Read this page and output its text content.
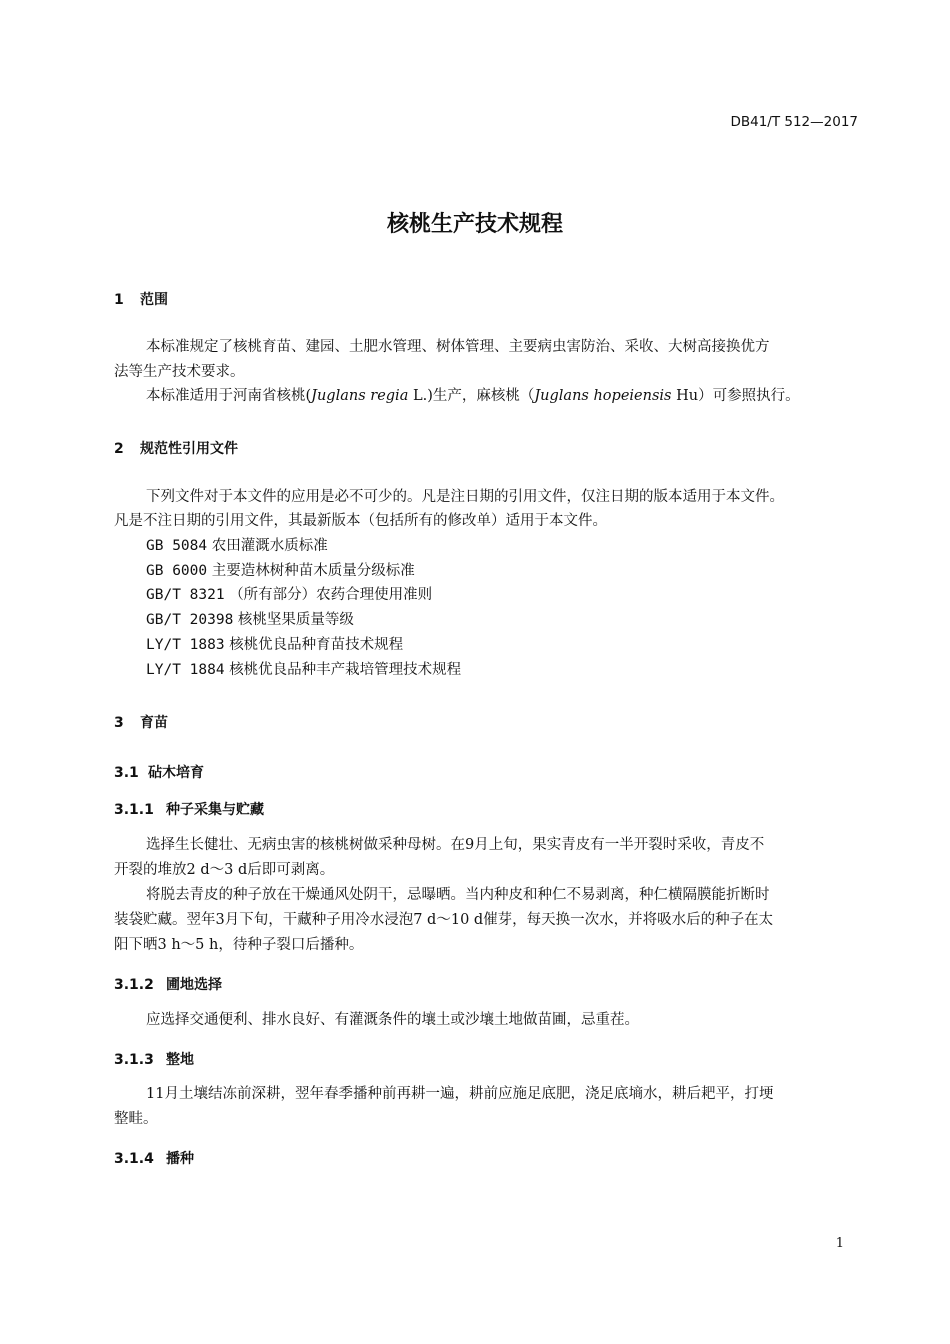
DB41/T 512—2017
核桃生产技术规程
1 范围
本标准规定了核桃育苗、建园、土肥水管理、树体管理、主要病虫害防治、采收、大树高接换优方
法等生产技术要求。
本标准适用于河南省核桃(Juglans regia L.)生产，麻核桃（Juglans hopeiensis Hu）可参照执行。
2 规范性引用文件
下列文件对于本文件的应用是必不可少的。凡是注日期的引用文件，仅注日期的版本适用于本文件。
凡是不注日期的引用文件，其最新版本（包括所有的修改单）适用于本文件。
GB 5084 农田灌溉水质标准
GB 6000 主要造林树种苗木质量分级标准
GB/T 8321 （所有部分）农药合理使用准则
GB/T 20398 核桃坚果质量等级
LY/T 1883 核桃优良品种育苗技术规程
LY/T 1884 核桃优良品种丰产栽培管理技术规程
3 育苗
3.1 砧木培育
3.1.1 种子采集与贮藏
选择生长健壮、无病虫害的核桃树做采种母树。在9月上旬，果实青皮有一半开裂时采收，青皮不
开裂的堆放2 d～3 d后即可剥离。
将脱去青皮的种子放在干燥通风处阴干，忌曝晒。当内种皮和种仁不易剥离，种仁横隔膜能折断时
装袋贮藏。翌年3月下旬，干藏种子用冷水浸泡7 d～10 d催芽，每天换一次水，并将吸水后的种子在太
阳下晒3 h～5 h，待种子裂口后播种。
3.1.2 圃地选择
应选择交通便利、排水良好、有灌溉条件的壤土或沙壤土地做苗圃，忌重茬。
3.1.3 整地
11月土壤结冻前深耕，翌年春季播种前再耕一遍，耕前应施足底肥，浇足底墒水，耕后耙平，打埂
整畦。
3.1.4 播种
1
